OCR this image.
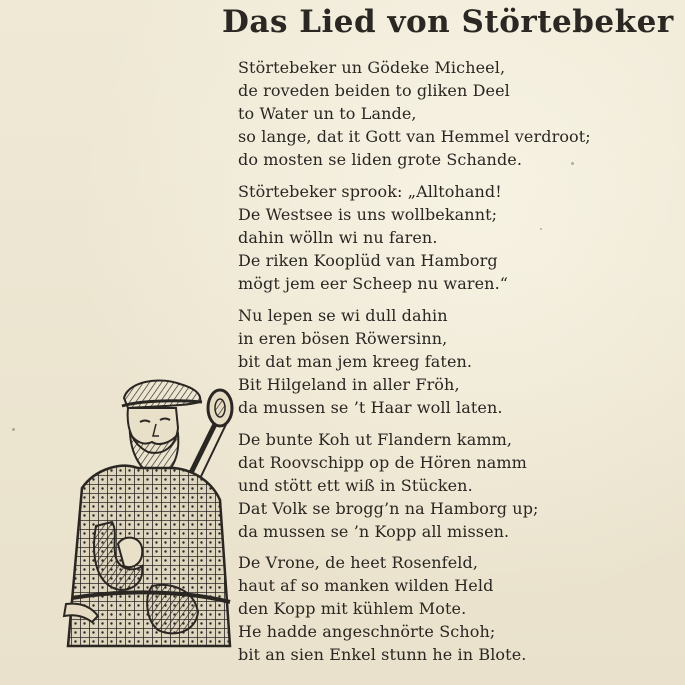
Das Lied von Störtebeker
Störtebeker un Gödeke Micheel,
de roveden beiden to gliken Deel
to Water un to Lande,
so lange, dat it Gott van Hemmel verdroot;
do mosten se liden grote Schande.
Störtebeker sprook: „Alltohand!
De Westsee is uns wollbekannt;
dahin wölln wi nu faren.
De riken Kooplüd van Hamborg
mögt jem eer Scheep nu waren.“
Nu lepen se wi dull dahin
in eren bösen Röwersinn,
bit dat man jem kreeg faten.
Bit Hilgeland in aller Fröh,
da mussen se ’t Haar woll laten.
De bunte Koh ut Flandern kamm,
dat Roovschipp op de Hören namm
und stött ett wiß in Stücken.
Dat Volk se brogg’n na Hamborg up;
da mussen se ’n Kopp all missen.
De Vrone, de heet Rosenfeld,
haut af so manken wilden Held
den Kopp mit kühlem Mote.
He hadde angeschnörte Schoh;
bit an sien Enkel stunn he in Blote.
